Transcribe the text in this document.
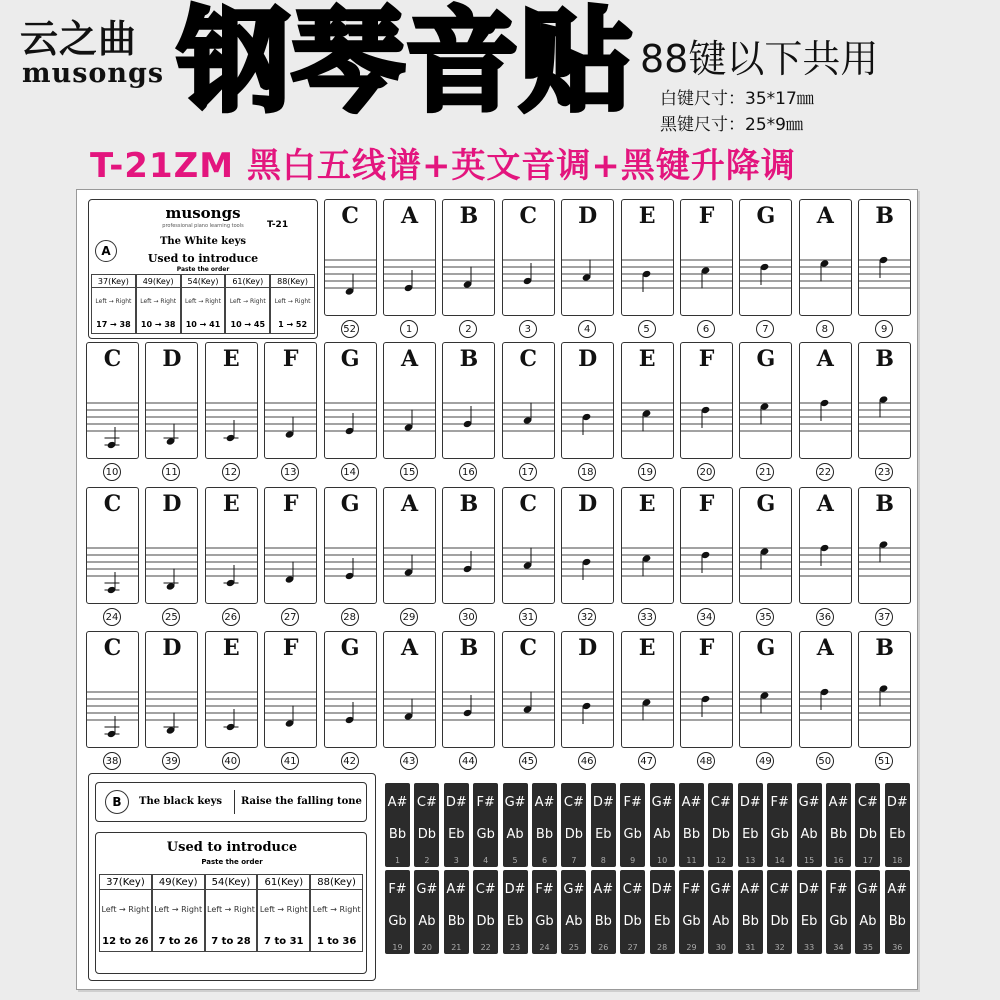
云之曲
musongs 钢琴音贴 88键以下共用
白键尺寸：35*17㎜
黑键尺寸：25*9㎜
T-21ZM 黑白五线谱+英文音调+黑键升降调
musongs
T-21
professional piano learning tools
A
The White keys
Used to introduce
Paste the order
37(Key)
Left → Right
17 → 38
49(Key)
Left → Right
10 → 38
54(Key)
Left → Right
10 → 41
61(Key)
Left → Right
10 → 45
88(Key)
Left → Right
1 → 52
C
52
A
1
B
2
C
3
D
4
E
5
F
6
G
7
A
8
B
9
C
10
D
11
E
12
F
13
G
14
A
15
B
16
C
17
D
18
E
19
F
20
G
21
A
22
B
23
C
24
D
25
E
26
F
27
G
28
A
29
B
30
C
31
D
32
E
33
F
34
G
35
A
36
B
37
C
38
D
39
E
40
F
41
G
42
A
43
B
44
C
45
D
46
E
47
F
48
G
49
A
50
B
51
B	The black keys Raise the falling tone
Used to introduce
Paste the order
37(Key)
Left → Right
12 to 26
49(Key)
Left → Right
7 to 26
54(Key)
Left → Right
7 to 28
61(Key)
Left → Right
7 to 31
88(Key)
Left → Right
1 to 36
A#
Bb
1
C#
Db
2
D#
Eb
3
F#
Gb
4
G#
Ab
5
A#
Bb
6
C#
Db
7
D#
Eb
8
F#
Gb
9
G#
Ab
10
A#
Bb
11
C#
Db
12
D#
Eb
13
F#
Gb
14
G#
Ab
15
A#
Bb
16
C#
Db
17
D#
Eb
18
F#
Gb
19
G#
Ab
20
A#
Bb
21
C#
Db
22
D#
Eb
23
F#
Gb
24
G#
Ab
25
A#
Bb
26
C#
Db
27
D#
Eb
28
F#
Gb
29
G#
Ab
30
A#
Bb
31
C#
Db
32
D#
Eb
33
F#
Gb
34
G#
Ab
35
A#
Bb
36
